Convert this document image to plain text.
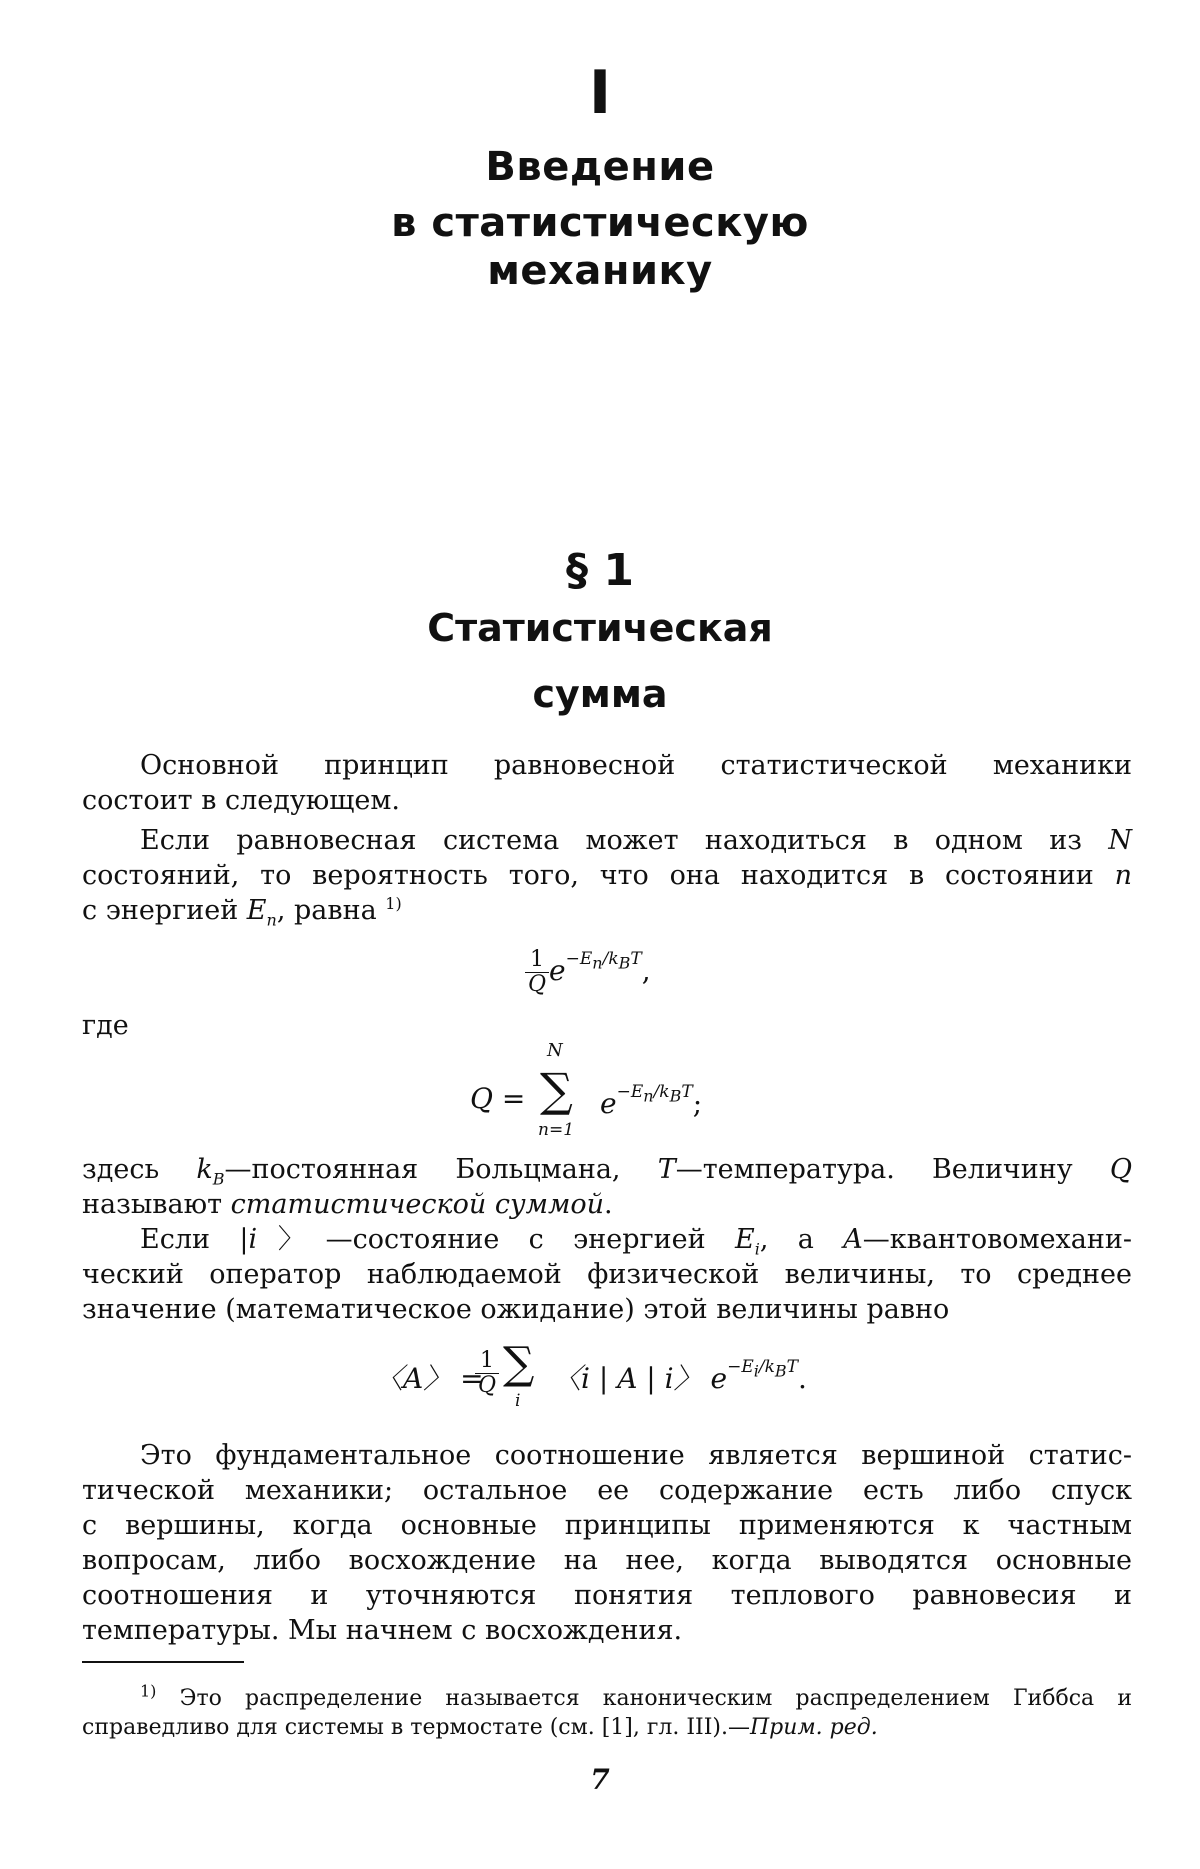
I
Введение
в статистическую
механику
§ 1
Статистическая
сумма
Основной принцип равновесной статистической механики
состоит в следующем.
Если равновесная система может находиться в одном из N
состояний, то вероятность того, что она находится в состоянии n
с энергией $E_n$, равна $^{1)}$
$\frac{1}{Q} e^{-E_n/k_BT}$,
где
Q =
N
∑
n=1
$e^{-E_n/k_BT}$;
здесь $k_B—постоянная$ Больцмана, T—температура. Величину Q
называют статистической суммой.
Если |i〉—состояние с энергией $E_i$, а A—квантовомехани-
ческий оператор наблюдаемой физической величины, то среднее
значение (математическое ожидание) этой величины равно
〈A〉 =
$\frac{1}{Q}$ ∑
i
〈i | A | i〉 $e^{-E_i/k_BT}$.
Это фундаментальное соотношение является вершиной статис-
тической механики; остальное ее содержание есть либо спуск
с вершины, когда основные принципы применяются к частным
вопросам, либо восхождение на нее, когда выводятся основные
соотношения и уточняются понятия теплового равновесия и
температуры. Мы начнем с восхождения.
$^{1)}$ Это распределение называется каноническим распределением Гиббса и
справедливо для системы в термостате (см. [1], гл. III).—Прим. ред.
7
